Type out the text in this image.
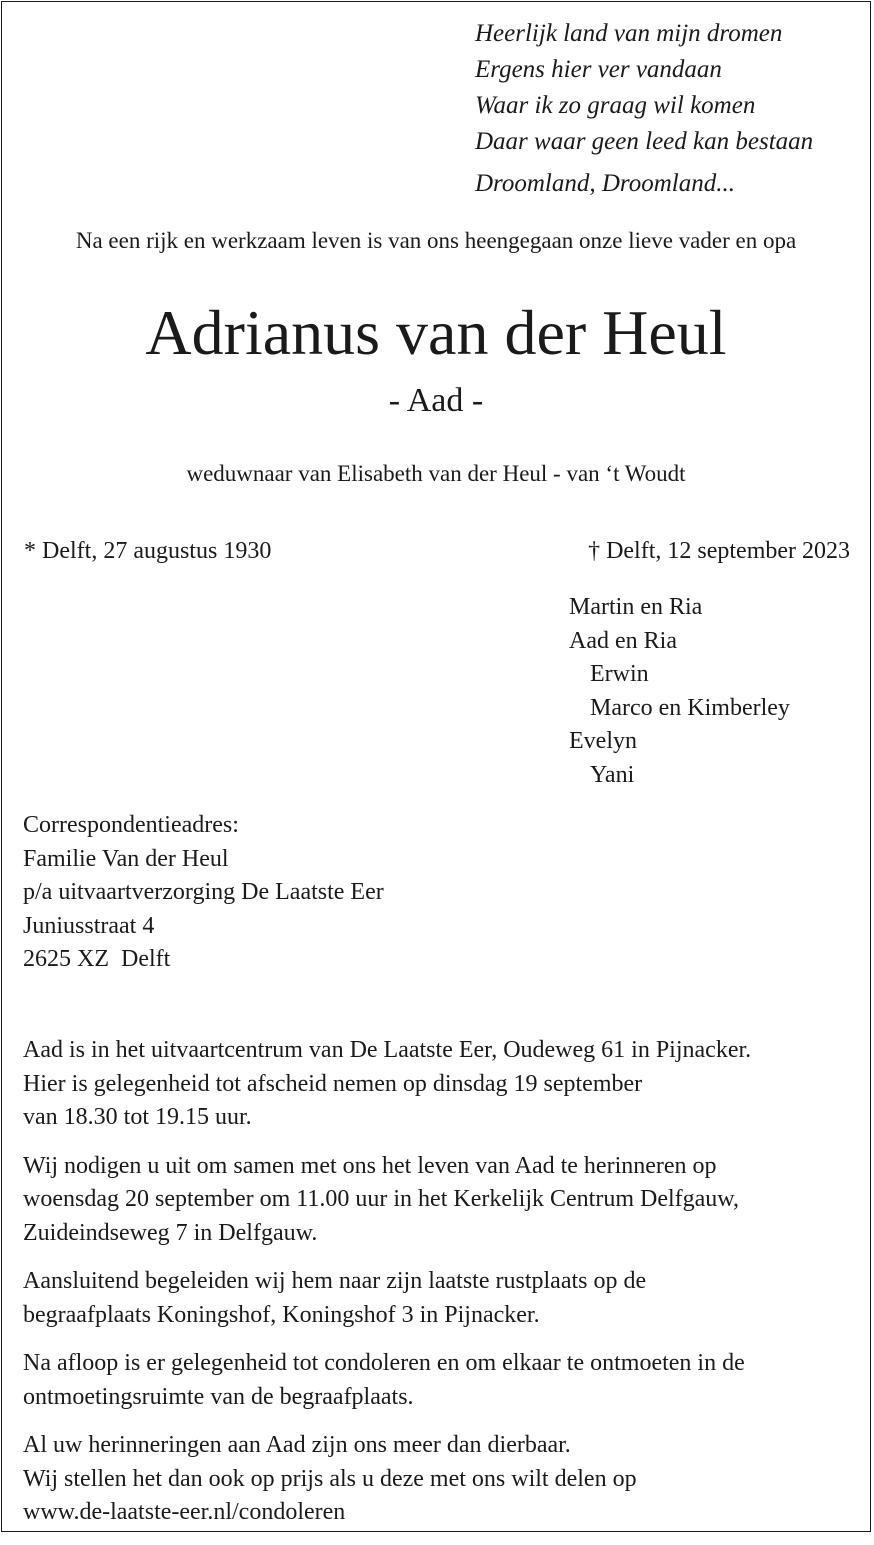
Heerlijk land van mijn dromen
Ergens hier ver vandaan
Waar ik zo graag wil komen
Daar waar geen leed kan bestaan
Droomland, Droomland...
Na een rijk en werkzaam leven is van ons heengegaan onze lieve vader en opa
Adrianus van der Heul
- Aad -
weduwnaar van Elisabeth van der Heul - van ‘t Woudt
* Delft, 27 augustus 1930	† Delft, 12 september 2023
Martin en Ria
Aad en Ria
Erwin
Marco en Kimberley
Evelyn
Yani
Correspondentieadres:
Familie Van der Heul
p/a uitvaartverzorging De Laatste Eer
Juniusstraat 4
2625 XZ  Delft

Aad is in het uitvaartcentrum van De Laatste Eer, Oudeweg 61 in Pijnacker.
Hier is gelegenheid tot afscheid nemen op dinsdag 19 september
van 18.30 tot 19.15 uur.

Wij nodigen u uit om samen met ons het leven van Aad te herinneren op
woensdag 20 september om 11.00 uur in het Kerkelijk Centrum Delfgauw,
Zuideindseweg 7 in Delfgauw.

Aansluitend begeleiden wij hem naar zijn laatste rustplaats op de
begraafplaats Koningshof, Koningshof 3 in Pijnacker.

Na afloop is er gelegenheid tot condoleren en om elkaar te ontmoeten in de
ontmoetingsruimte van de begraafplaats.

Al uw herinneringen aan Aad zijn ons meer dan dierbaar.
Wij stellen het dan ook op prijs als u deze met ons wilt delen op
www.de-laatste-eer.nl/condoleren
